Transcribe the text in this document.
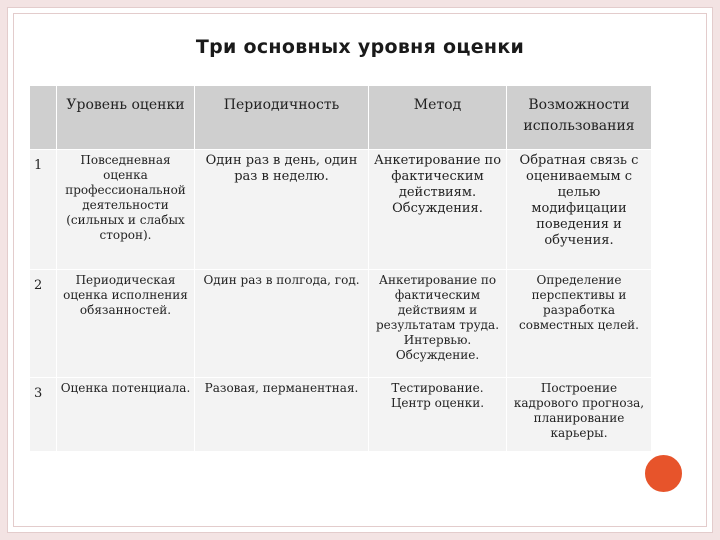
Три основных уровня оценки
	Уровень оценки	Периодичность	Метод	Возможности использования
1	Повседневная оценка профессиональной деятельности (сильных и слабых сторон).	Один раз в день, один раз в неделю.	Анкетирование по фактическим действиям. Обсуждения.	Обратная связь с оцениваемым с целью модифицации поведения и обучения.
2	Периодическая оценка исполнения обязанностей.	Один раз в полгода, год.	Анкетирование по фактическим действиям и результатам труда. Интервью. Обсуждение.	Определение перспективы и разработка совместных целей.
3	Оценка потенциала.	Разовая, перманентная.	Тестирование. Центр оценки.	Построение кадрового прогноза, планирование карьеры.
